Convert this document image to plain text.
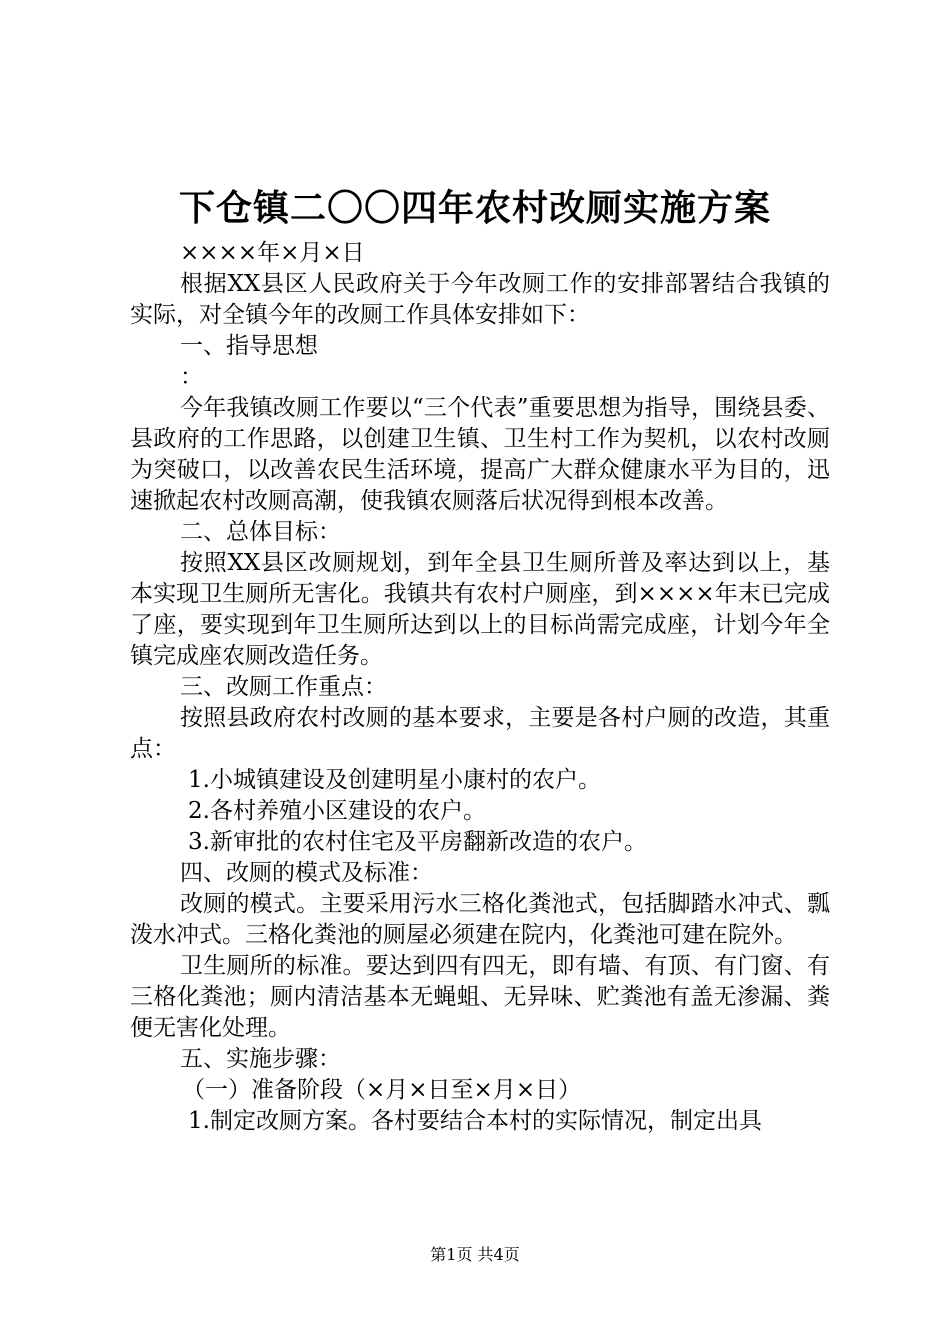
下仓镇二〇〇四年农村改厕实施方案

××××年×月×日

根据XX县区人民政府关于今年改厕工作的安排部署结合我镇的实际，对全镇今年的改厕工作具体安排如下：

一、指导思想

：

今年我镇改厕工作要以“三个代表”重要思想为指导，围绕县委、县政府的工作思路，以创建卫生镇、卫生村工作为契机，以农村改厕为突破口，以改善农民生活环境，提高广大群众健康水平为目的，迅速掀起农村改厕高潮，使我镇农厕落后状况得到根本改善。

二、总体目标：

按照XX县区改厕规划，到年全县卫生厕所普及率达到以上，基本实现卫生厕所无害化。我镇共有农村户厕座，到××××年末已完成了座，要实现到年卫生厕所达到以上的目标尚需完成座，计划今年全镇完成座农厕改造任务。

三、改厕工作重点：

按照县政府农村改厕的基本要求，主要是各村户厕的改造，其重点：

1.小城镇建设及创建明星小康村的农户。

2.各村养殖小区建设的农户。

3.新审批的农村住宅及平房翻新改造的农户。

四、改厕的模式及标准：

改厕的模式。主要采用污水三格化粪池式，包括脚踏水冲式、瓢泼水冲式。三格化粪池的厕屋必须建在院内，化粪池可建在院外。

卫生厕所的标准。要达到四有四无，即有墙、有顶、有门窗、有三格化粪池；厕内清洁基本无蝇蛆、无异味、贮粪池有盖无渗漏、粪便无害化处理。

五、实施步骤：

（一）准备阶段（×月×日至×月×日）

1.制定改厕方案。各村要结合本村的实际情况，制定出具

第1页 共4页
